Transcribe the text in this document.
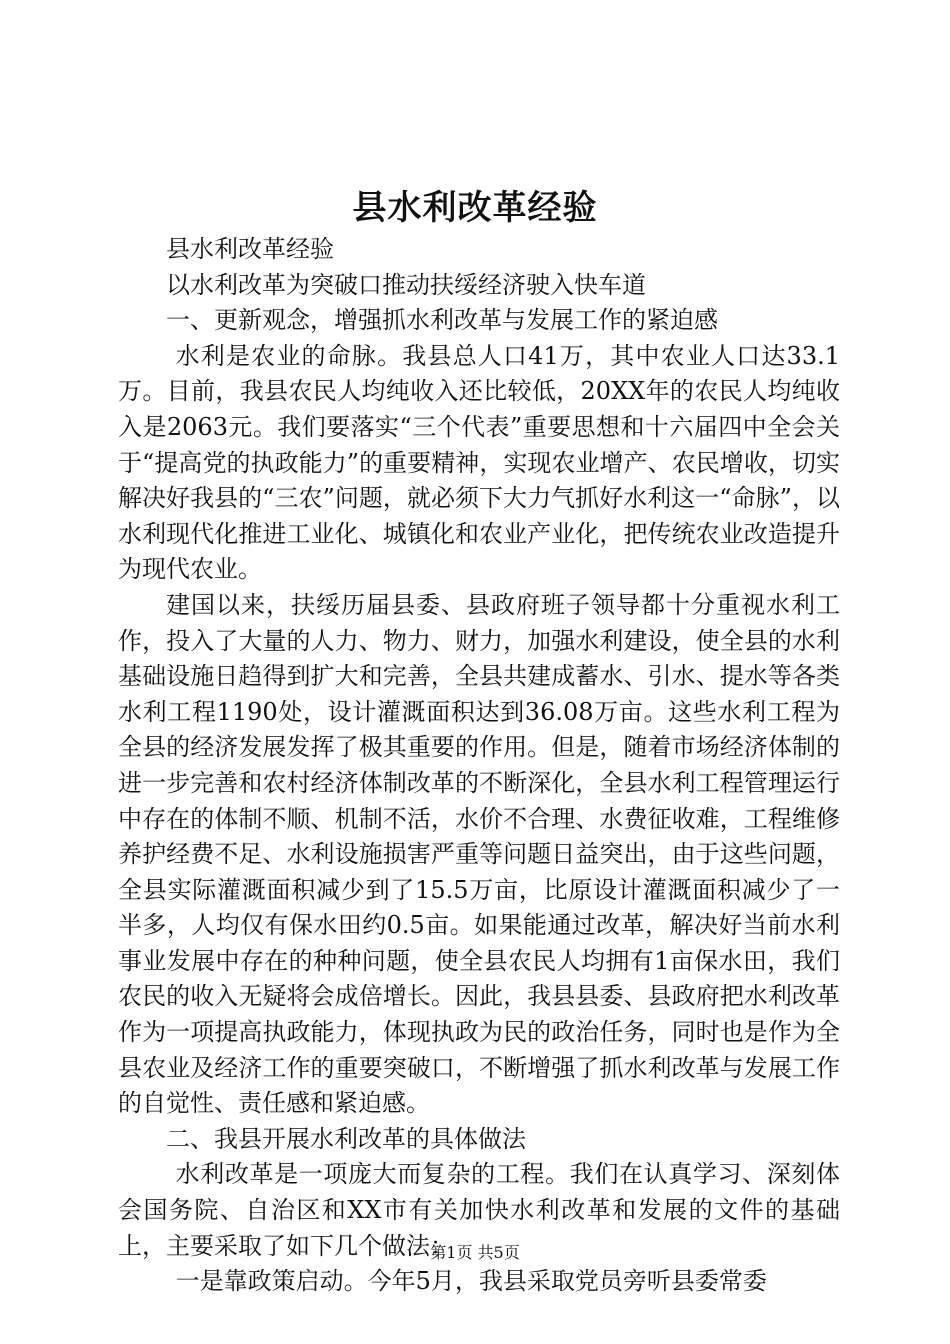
县水利改革经验

县水利改革经验

以水利改革为突破口推动扶绥经济驶入快车道

一、更新观念，增强抓水利改革与发展工作的紧迫感

水利是农业的命脉。我县总人口41万，其中农业人口达33.1万。目前，我县农民人均纯收入还比较低，20XX年的农民人均纯收入是2063元。我们要落实“三个代表”重要思想和十六届四中全会关于“提高党的执政能力”的重要精神，实现农业增产、农民增收，切实解决好我县的“三农”问题，就必须下大力气抓好水利这一“命脉”，以水利现代化推进工业化、城镇化和农业产业化，把传统农业改造提升为现代农业。

建国以来，扶绥历届县委、县政府班子领导都十分重视水利工作，投入了大量的人力、物力、财力，加强水利建设，使全县的水利基础设施日趋得到扩大和完善，全县共建成蓄水、引水、提水等各类水利工程1190处，设计灌溉面积达到36.08万亩。这些水利工程为全县的经济发展发挥了极其重要的作用。但是，随着市场经济体制的进一步完善和农村经济体制改革的不断深化，全县水利工程管理运行中存在的体制不顺、机制不活，水价不合理、水费征收难，工程维修养护经费不足、水利设施损害严重等问题日益突出，由于这些问题，全县实际灌溉面积减少到了15.5万亩，比原设计灌溉面积减少了一半多，人均仅有保水田约0.5亩。如果能通过改革，解决好当前水利事业发展中存在的种种问题，使全县农民人均拥有1亩保水田，我们农民的收入无疑将会成倍增长。因此，我县县委、县政府把水利改革作为一项提高执政能力，体现执政为民的政治任务，同时也是作为全县农业及经济工作的重要突破口，不断增强了抓水利改革与发展工作的自觉性、责任感和紧迫感。

二、我县开展水利改革的具体做法

水利改革是一项庞大而复杂的工程。我们在认真学习、深刻体会国务院、自治区和XX市有关加快水利改革和发展的文件的基础上，主要采取了如下几个做法：

一是靠政策启动。今年5月，我县采取党员旁听县委常委

第1页 共5页
